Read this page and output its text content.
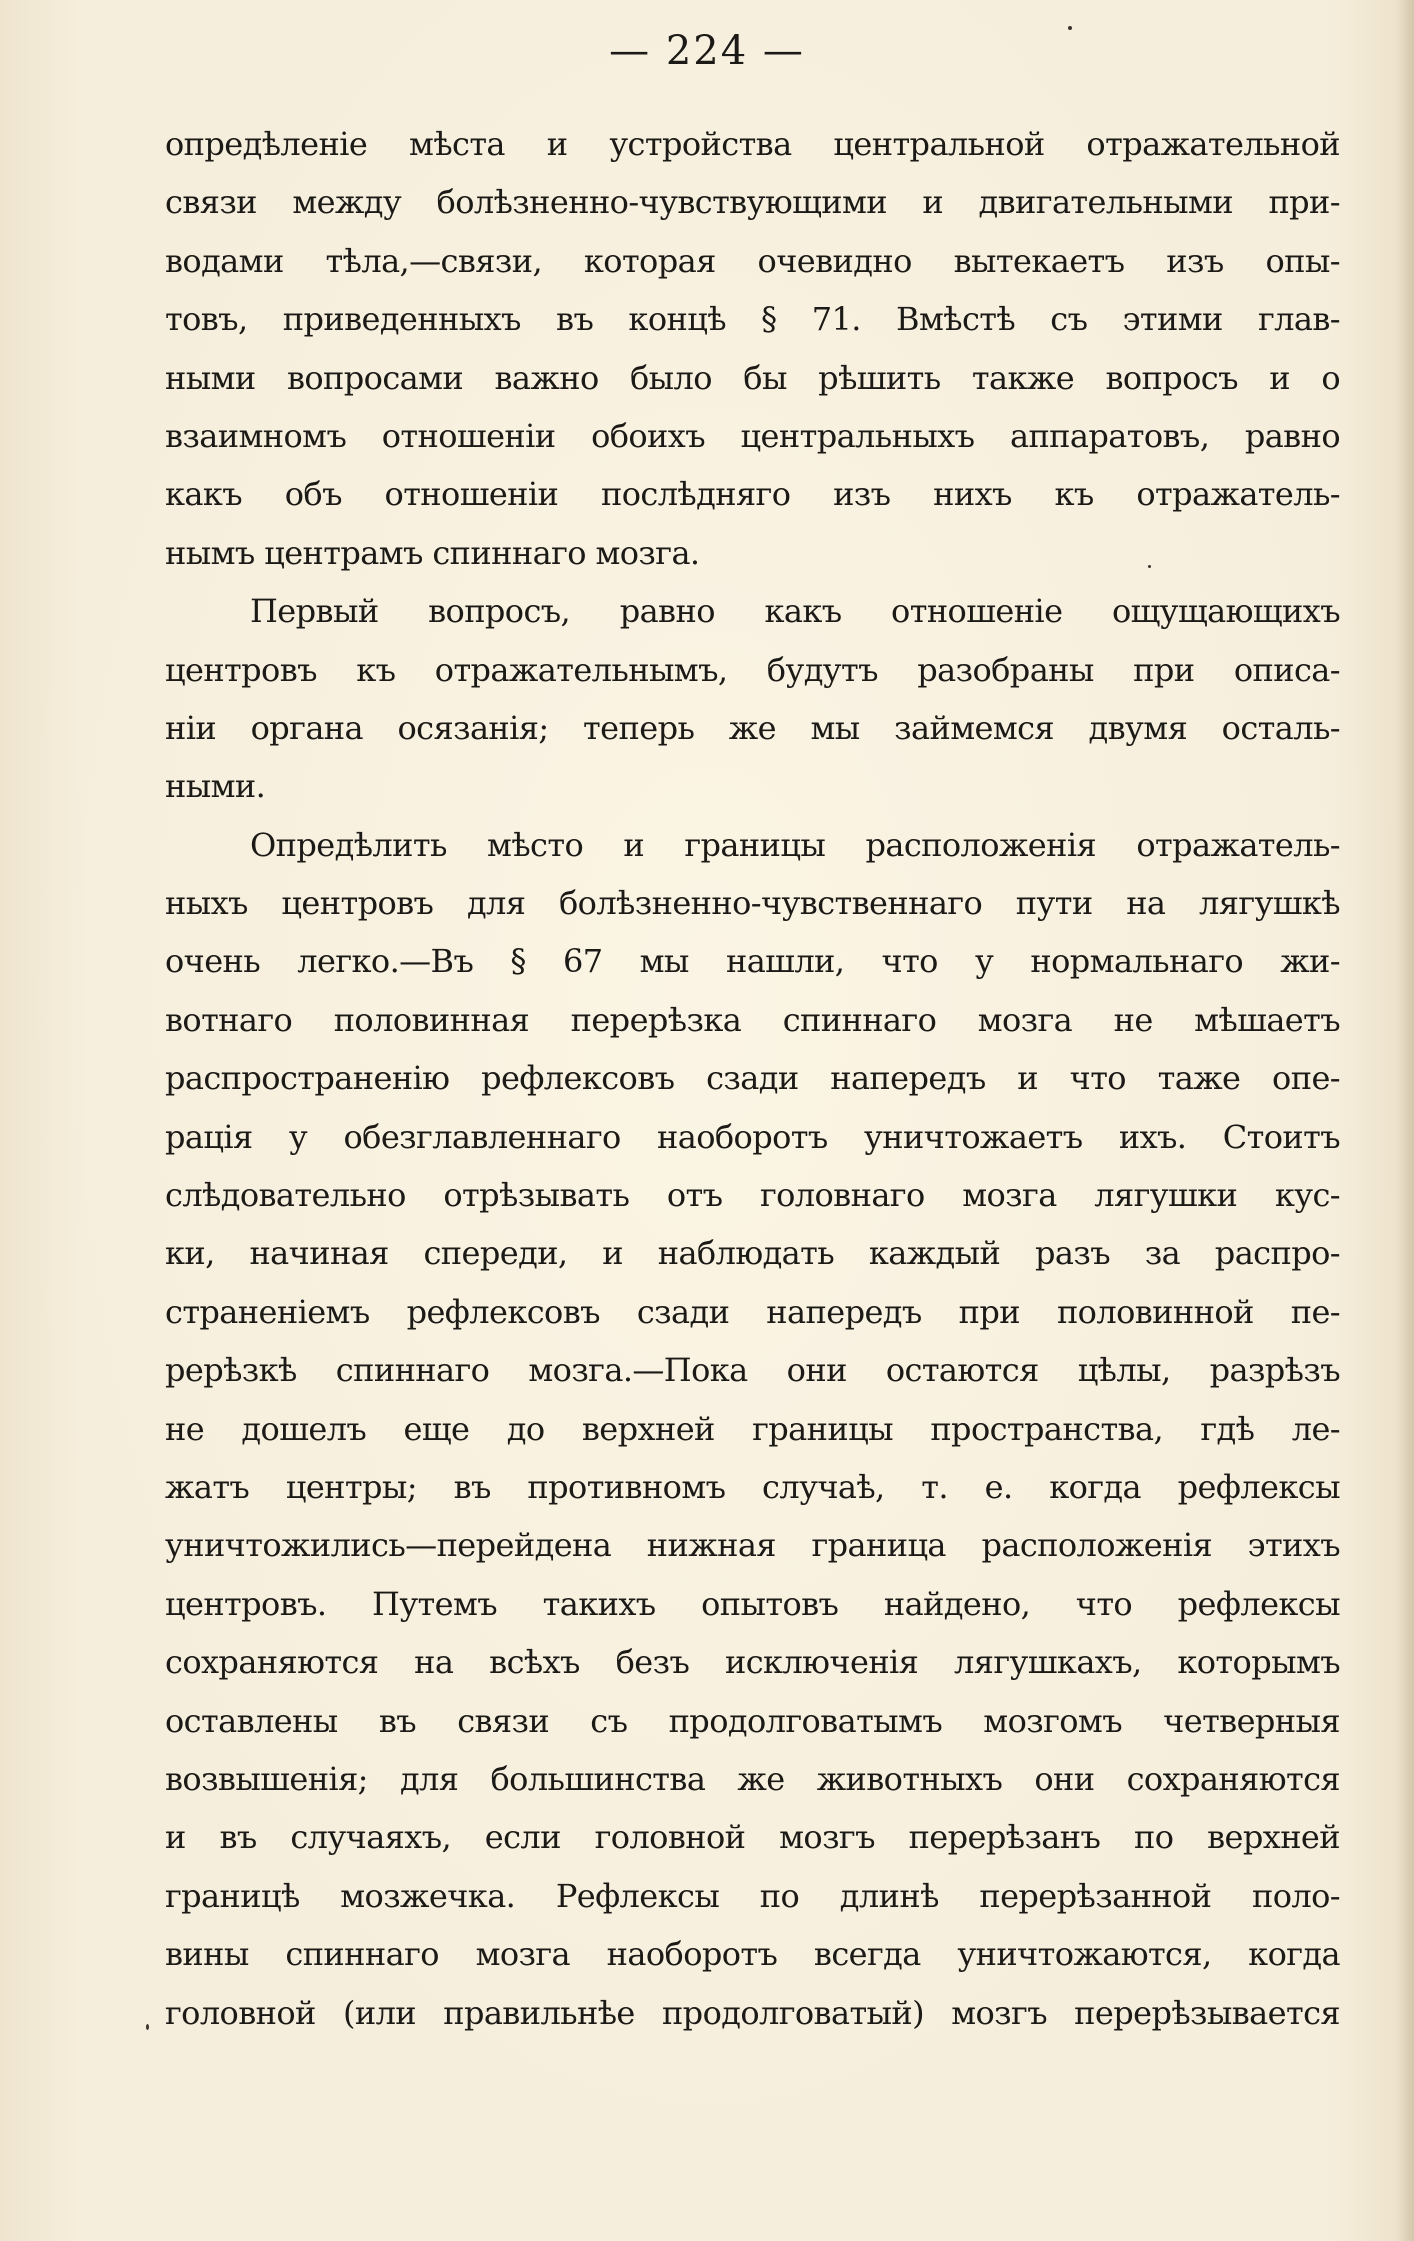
— 224 —
опредѣленіе мѣста и устройства центральной отражательной
связи между болѣзненно-чувствующими и двигательными при-
водами тѣла,—связи, которая очевидно вытекаетъ изъ опы-
товъ, приведенныхъ въ концѣ § 71. Вмѣстѣ съ этими глав-
ными вопросами важно было бы рѣшить также вопросъ и о
взаимномъ отношеніи обоихъ центральныхъ аппаратовъ, равно
какъ объ отношеніи послѣдняго изъ нихъ къ отражатель-
нымъ центрамъ спиннаго мозга.
Первый вопросъ, равно какъ отношеніе ощущающихъ
центровъ къ отражательнымъ, будутъ разобраны при описа-
ніи органа осязанія; теперь же мы займемся двумя осталь-
ными.
Опредѣлить мѣсто и границы расположенія отражатель-
ныхъ центровъ для болѣзненно-чувственнаго пути на лягушкѣ
очень легко.—Въ § 67 мы нашли, что у нормальнаго жи-
вотнаго половинная перерѣзка спиннаго мозга не мѣшаетъ
распространенію рефлексовъ сзади напередъ и что таже опе-
рація у обезглавленнаго наоборотъ уничтожаетъ ихъ. Стоитъ
слѣдовательно отрѣзывать отъ головнаго мозга лягушки кус-
ки, начиная спереди, и наблюдать каждый разъ за распро-
страненіемъ рефлексовъ сзади напередъ при половинной пе-
рерѣзкѣ спиннаго мозга.—Пока они остаются цѣлы, разрѣзъ
не дошелъ еще до верхней границы пространства, гдѣ ле-
жатъ центры; въ противномъ случаѣ, т. е. когда рефлексы
уничтожились—перейдена нижная граница расположенія этихъ
центровъ. Путемъ такихъ опытовъ найдено, что рефлексы
сохраняются на всѣхъ безъ исключенія лягушкахъ, которымъ
оставлены въ связи съ продолговатымъ мозгомъ четверныя
возвышенія; для большинства же животныхъ они сохраняются
и въ случаяхъ, если головной мозгъ перерѣзанъ по верхней
границѣ мозжечка. Рефлексы по длинѣ перерѣзанной поло-
вины спиннаго мозга наоборотъ всегда уничтожаются, когда
головной (или правильнѣе продолговатый) мозгъ перерѣзывается
